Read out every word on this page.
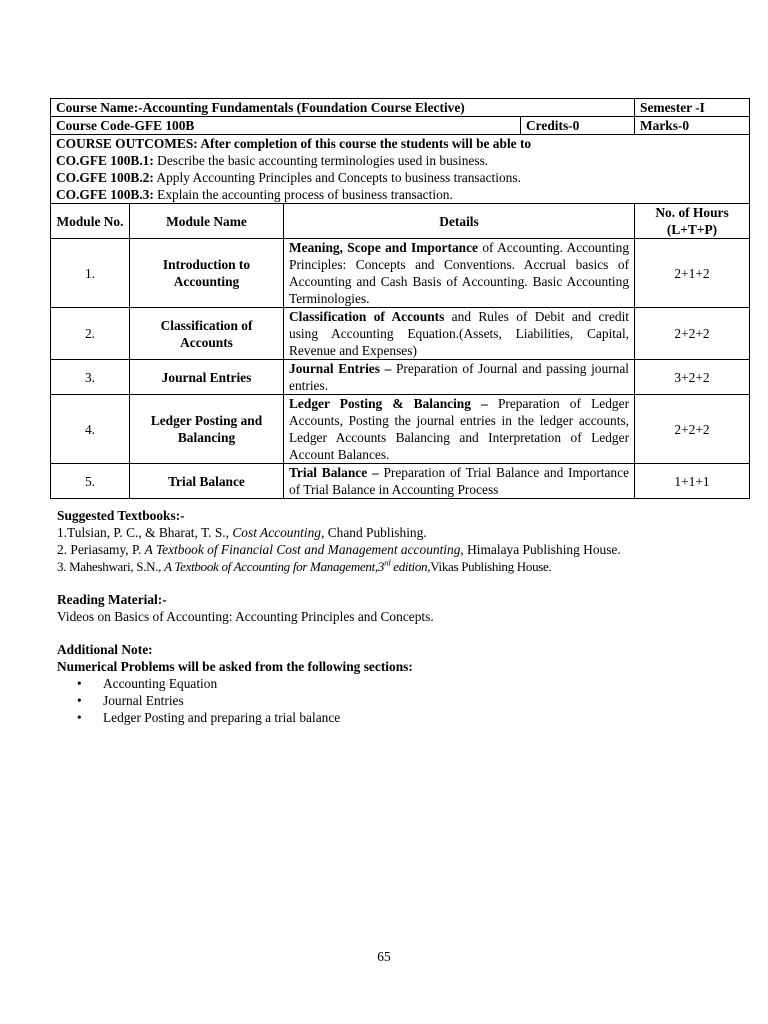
Course Name:-Accounting Fundamentals (Foundation Course Elective)				Semester -I
Course Code-GFE 100B			Credits-0	Marks-0

COURSE OUTCOMES: After completion of this course the students will be able to
CO.GFE 100B.1: Describe the basic accounting terminologies used in business.
CO.GFE 100B.2: Apply Accounting Principles and Concepts to business transactions.
CO.GFE 100B.3: Explain the accounting process of business transaction.				

Module No.	Module Name	Details		No. of Hours (L+T+P)
1.	Introduction to Accounting	Meaning, Scope and Importance of Accounting. Accounting Principles: Concepts and Conventions. Accrual basics of Accounting and Cash Basis of Accounting. Basic Accounting Terminologies.		2+1+2
2.	Classification of Accounts	Classification of Accounts and Rules of Debit and credit using Accounting Equation.(Assets, Liabilities, Capital, Revenue and Expenses)		2+2+2
3.	Journal Entries	Journal Entries – Preparation of Journal and passing journal entries.		3+2+2
4.	Ledger Posting and Balancing	Ledger Posting & Balancing – Preparation of Ledger Accounts, Posting the journal entries in the ledger accounts, Ledger Accounts Balancing and Interpretation of Ledger Account Balances.		2+2+2
5.	Trial Balance	Trial Balance – Preparation of Trial Balance and Importance of Trial Balance in Accounting Process		1+1+1
Suggested Textbooks:-
1.Tulsian, P. C., & Bharat, T. S., Cost Accounting, Chand Publishing.
2. Periasamy, P. A Textbook of Financial Cost and Management accounting, Himalaya Publishing House.
3. Maheshwari, S.N., A Textbook of Accounting for Management,3rd edition,Vikas Publishing House.
Reading Material:-
Videos on Basics of Accounting: Accounting Principles and Concepts.
Additional Note:
Numerical Problems will be asked from the following sections:
• Accounting Equation
• Journal Entries
• Ledger Posting and preparing a trial balance
65
